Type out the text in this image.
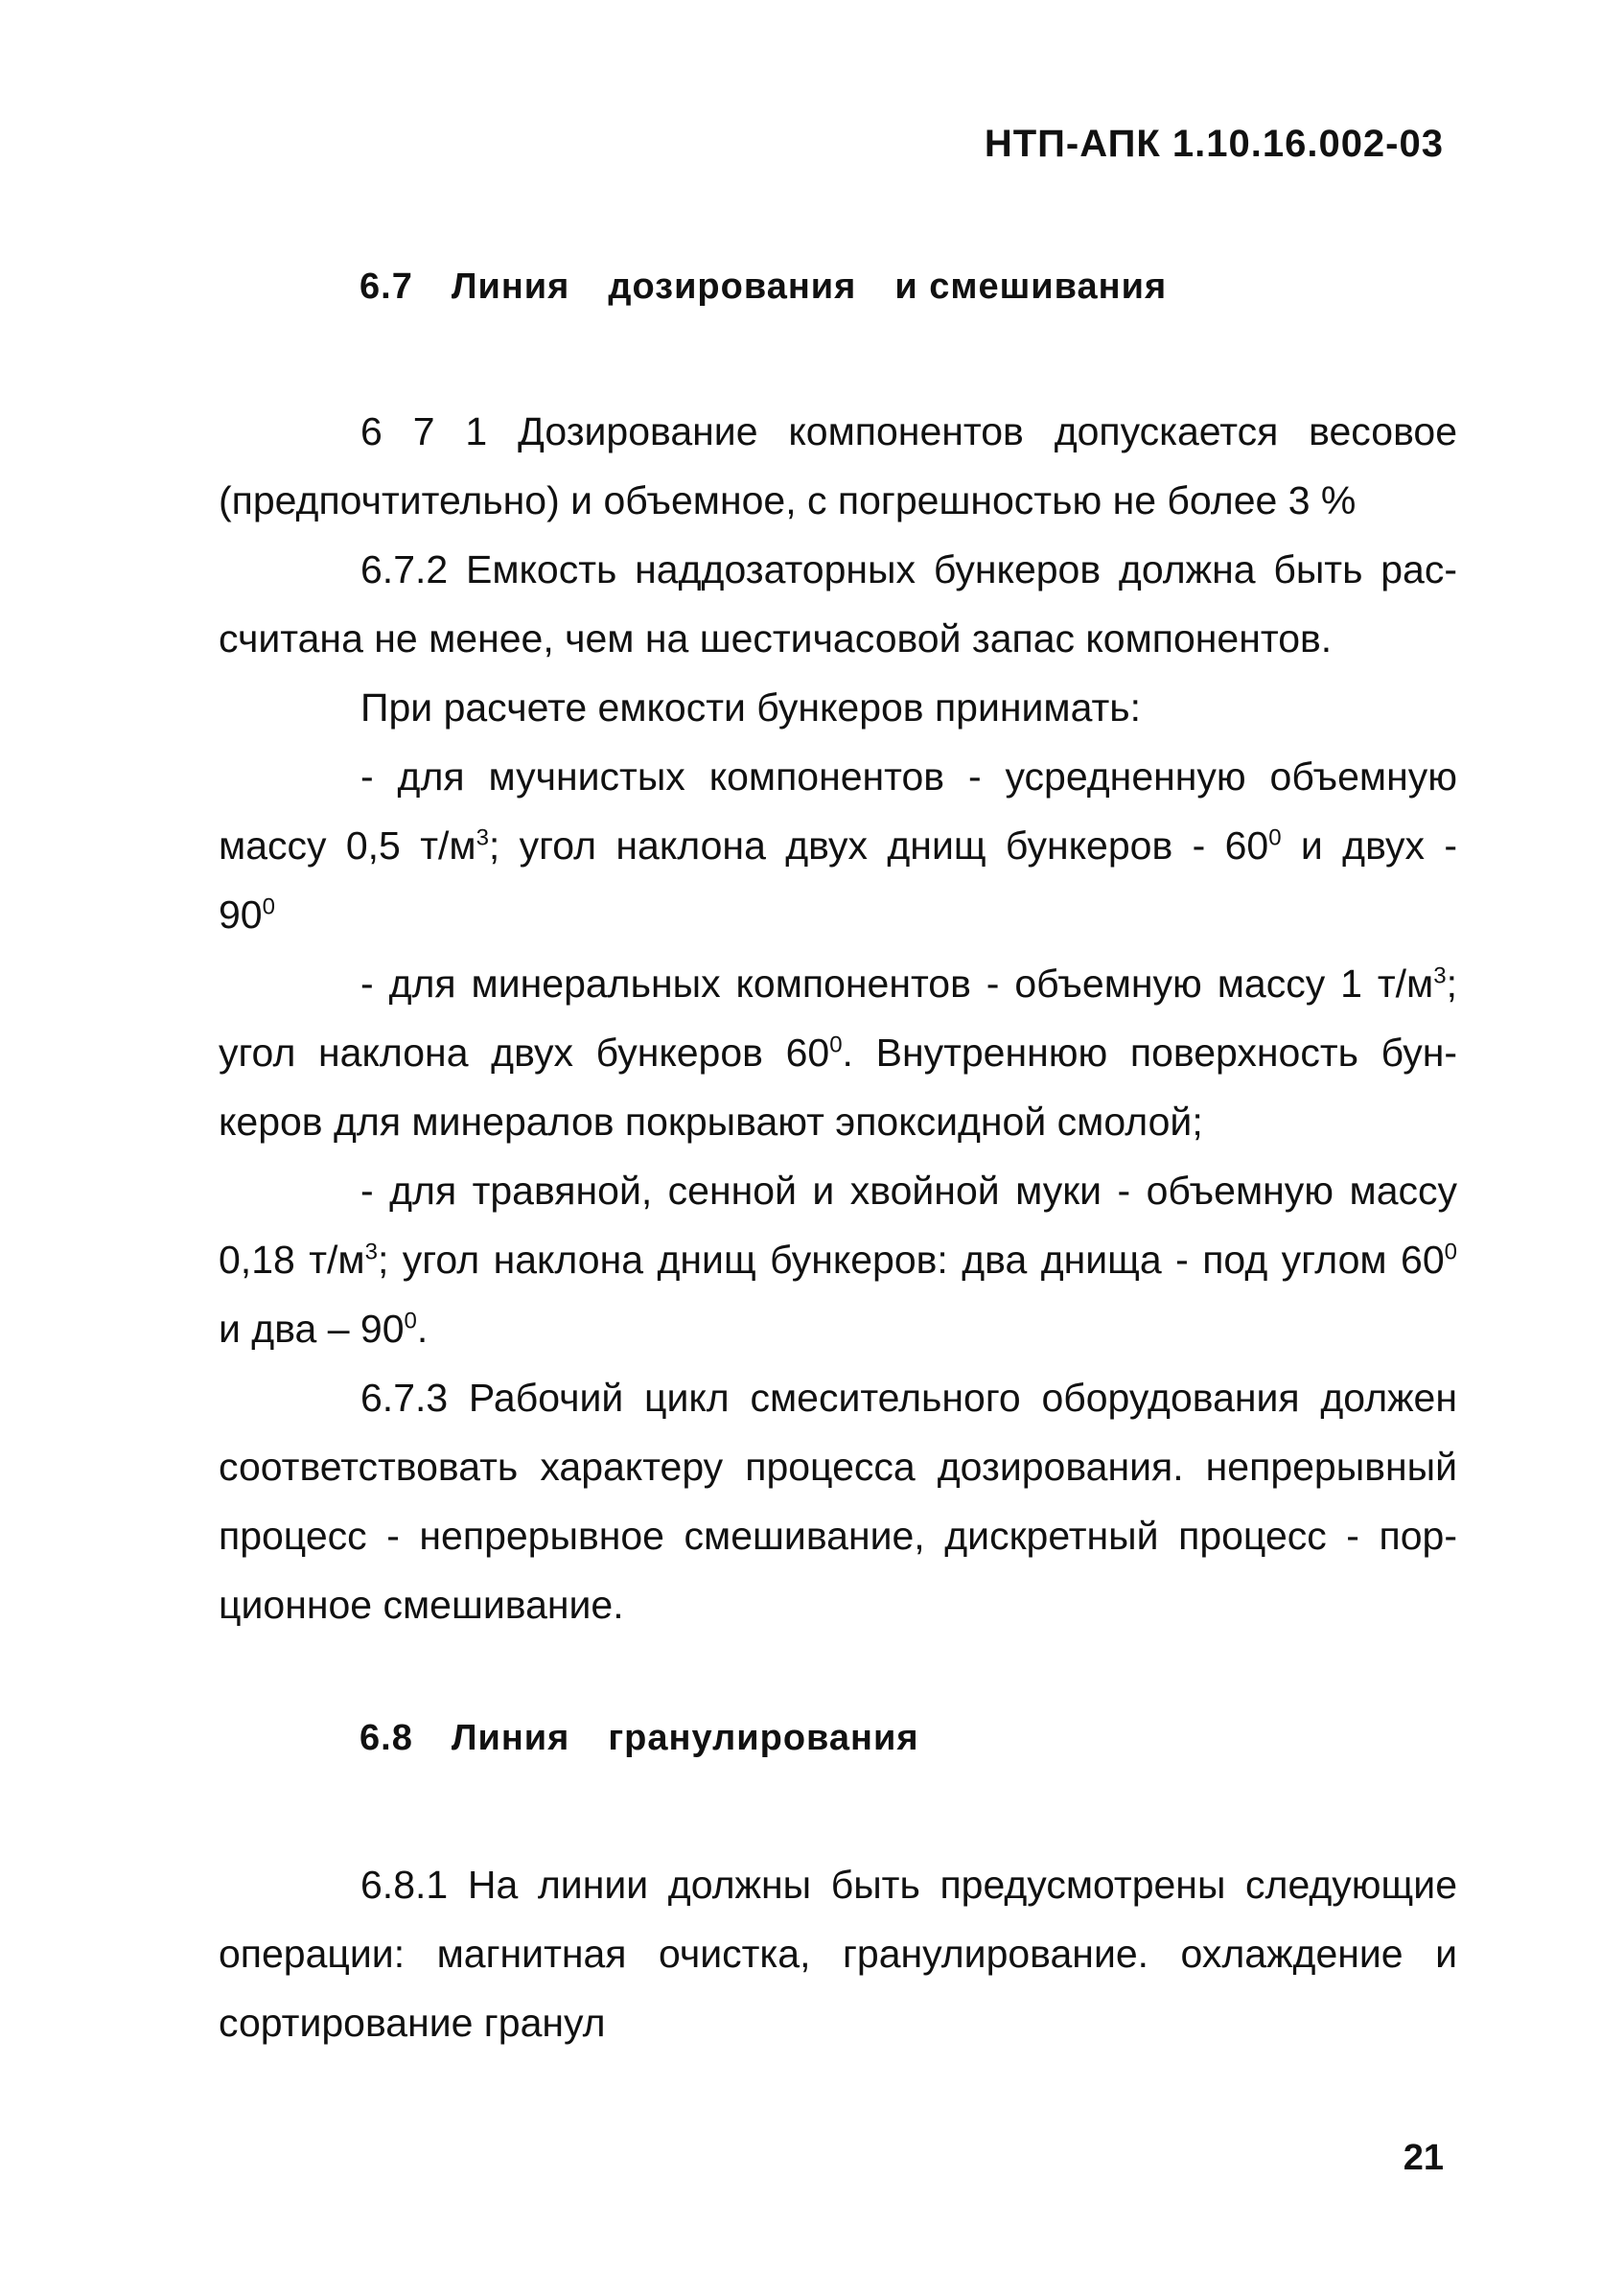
НТП-АПК 1.10.16.002-03
6.7 Линия дозирования и смешивания
6 7 1 Дозирование компонентов допускается весовое
(предпочтительно) и объемное, с погрешностью не более 3 %
6.7.2 Емкость наддозаторных бункеров должна быть рас-
считана не менее, чем на шестичасовой запас компонентов.
При расчете емкости бункеров принимать:
- для мучнистых компонентов - усредненную объемную
массу 0,5 $т/м^3$; угол наклона двух днищ бункеров - $60^0$ и двух -
$90^0$
- для минеральных компонентов - объемную массу 1 $т/м^3$;
угол наклона двух бункеров $60^0$. Внутреннюю поверхность бун-
керов для минералов покрывают эпоксидной смолой;
- для травяной, сенной и хвойной муки - объемную массу
0,18 $т/м^3$; угол наклона днищ бункеров: два днища - под углом $60^0$
и два – $90^0$.
6.7.3 Рабочий цикл смесительного оборудования должен
соответствовать характеру процесса дозирования. непрерывный
процесс - непрерывное смешивание, дискретный процесс - пор-
ционное смешивание.
6.8 Линия гранулирования
6.8.1 На линии должны быть предусмотрены следующие
операции: магнитная очистка, гранулирование. охлаждение и
сортирование гранул
21
